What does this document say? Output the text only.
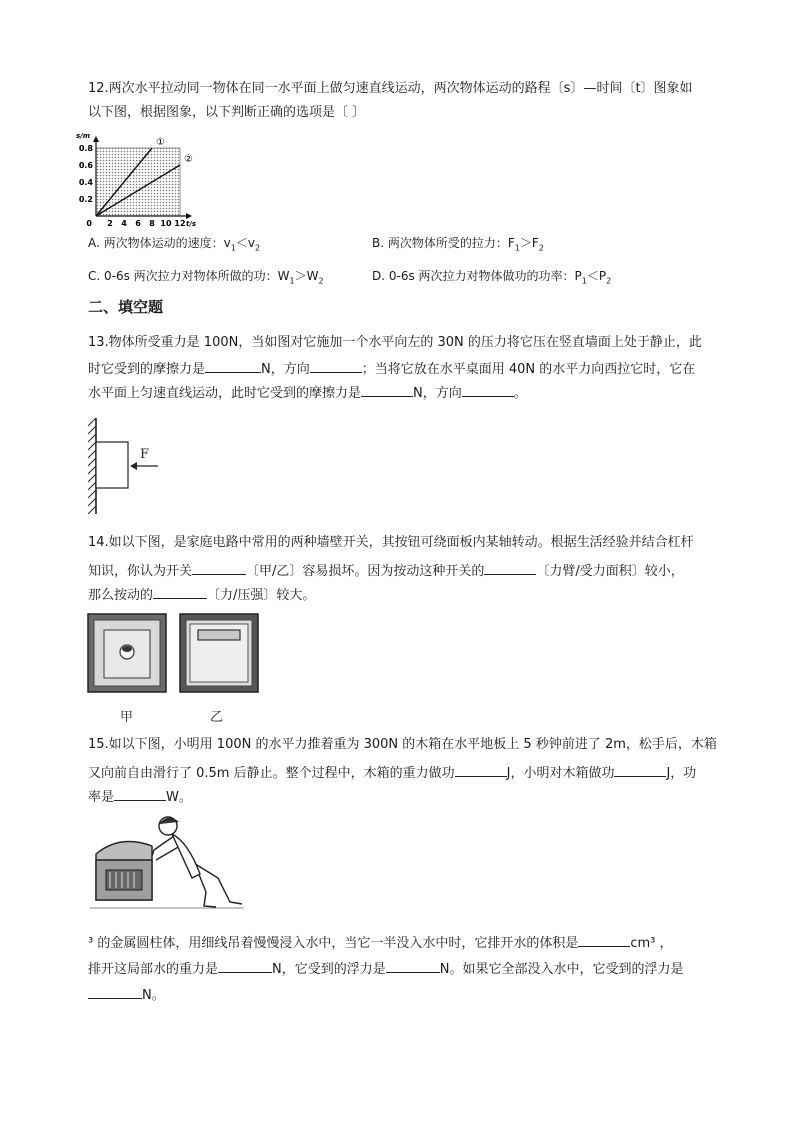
12.两次水平拉动同一物体在同一水平面上做匀速直线运动，两次物体运动的路程〔s〕—时间〔t〕图象如
以下图，根据图象，以下判断正确的选项是〔 〕
2 4 6 8 10 12
0.2
0.4
0.6
0.8
0	t/s
s/m
①
②
A. 两次物体运动的速度：$v_1<v_2$	B. 两次物体所受的拉力：$F_1>F_2$
C. 0-6s 两次拉力对物体所做的功：$W_1>W_2$	D. 0-6s 两次拉力对物体做功的功率：$P_1<P_2$
二、填空题
13.物体所受重力是 100N，当如图对它施加一个水平向左的 30N 的压力将它压在竖直墙面上处于静止，此
时它受到的摩擦力是	N，方向	；当将它放在水平桌面用 40N 的水平力向西拉它时，它在
水平面上匀速直线运动，此时它受到的摩擦力是	N，方向	。
F
14.如以下图，是家庭电路中常用的两种墙壁开关，其按钮可绕面板内某轴转动。根据生活经验并结合杠杆
知识，你认为开关	〔甲/乙〕容易损坏。因为按动这种开关的	〔力臂/受力面积〕较小，
那么按动的	〔力/压强〕较大。
甲	乙
15.如以下图，小明用 100N 的水平力推着重为 300N 的木箱在水平地板上 5 秒钟前进了 2m，松手后，木箱
又向前自由滑行了 0.5m 后静止。整个过程中，木箱的重力做功	J，小明对木箱做功	J，功
率是	W。
³ 的金属圆柱体，用细线吊着慢慢浸入水中，当它一半没入水中时，它排开水的体积是	cm³ ，
排开这局部水的重力是	N，它受到的浮力是	N。如果它全部没入水中，它受到的浮力是
N。
